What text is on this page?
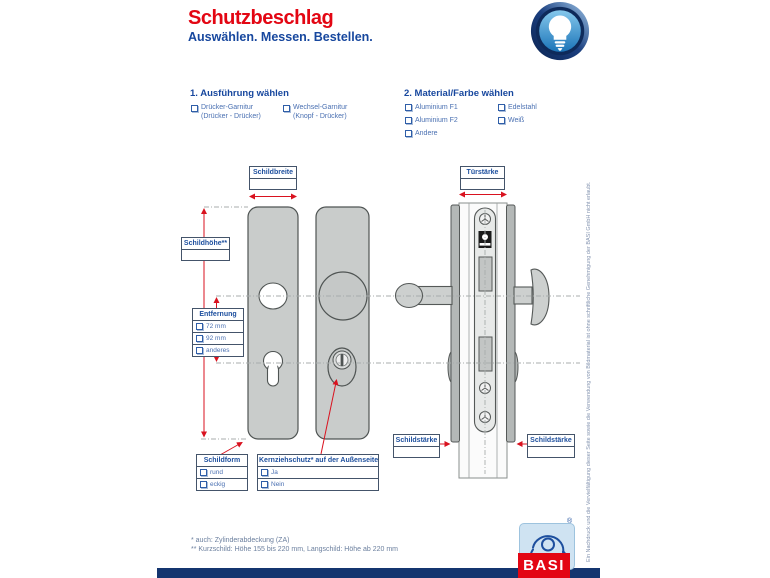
Schutzbeschlag
Auswählen. Messen. Bestellen.
1. Ausführung wählen
Drücker-Garnitur
(Drücker - Drücker)
Wechsel-Garnitur
(Knopf - Drücker)
2. Material/Farbe wählen
Aluminium F1
Aluminium F2
Andere
Edelstahl
Weiß
Schildbreite	Türstärke
Schildhöhe**
Entfernung
72 mm
92 mm
anderes
Schildform
rund
eckig
Kernziehschutz* auf der Außenseite
Ja
Nein
Schildstärke	Schildstärke
* auch: Zylinderabdeckung (ZA)
** Kurzschild: Höhe 155 bis 220 mm, Langschild: Höhe ab 220 mm	Ein Nachdruck und die Vervielfältigung dieser Seite sowie die Verwendung von Bildmaterial ist ohne schriftliche Genehmigung der BASI GmbH nicht erlaubt.
®
BASI
